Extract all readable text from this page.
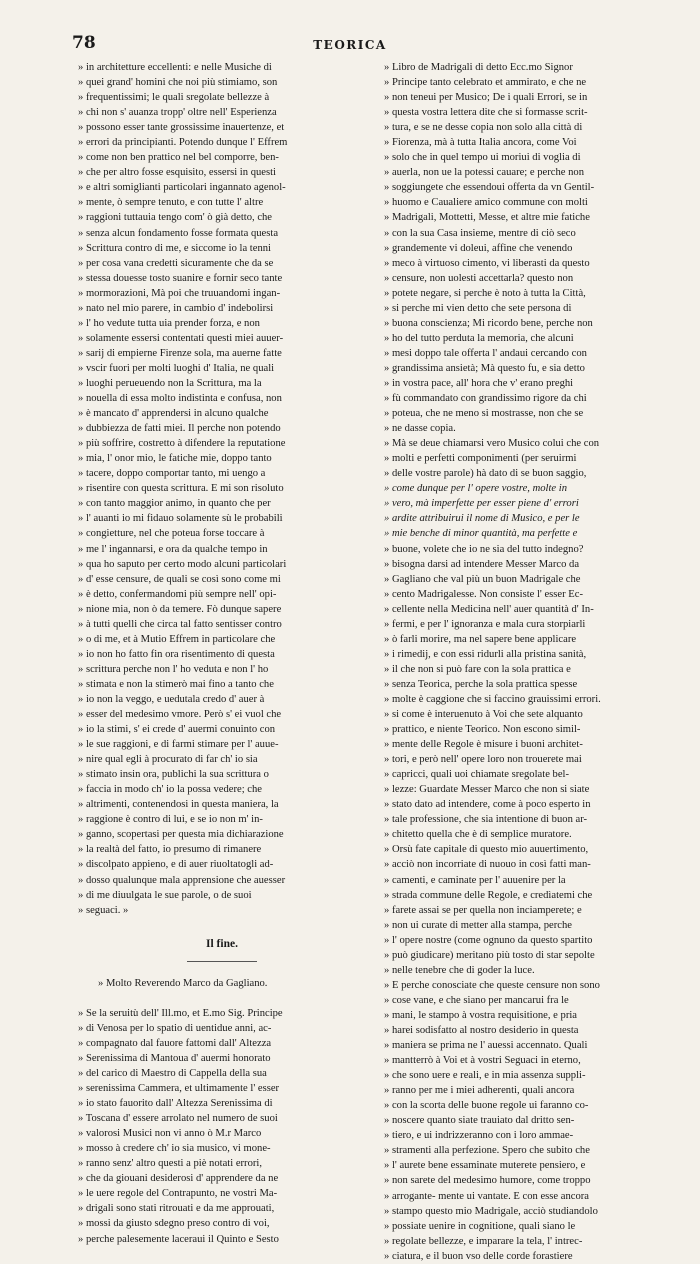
78	TEORICA
» in architetture eccellenti: e nelle Musiche di
» quei grand' homini che noi più stimiamo, son
» frequentissimi; le quali sregolate bellezze à
» chi non s' auanza tropp' oltre nell' Esperienza
» possono esser tante grossissime inauertenze, et
» errori da principianti. Potendo dunque l' Effrem
» come non ben prattico nel bel comporre, ben-
» che per altro fosse esquisito, essersi in questi
» e altri somiglianti particolari ingannato agenol-
» mente, ò sempre tenuto, e con tutte l' altre
» raggioni tuttauia tengo com' ò già detto, che
» senza alcun fondamento fosse formata questa
» Scrittura contro di me, e siccome io la tenni
» per cosa vana credetti sicuramente che da se
» stessa douesse tosto suanire e fornir seco tante
» mormorazioni, Mà poi che truuandomi ingan-
» nato nel mio parere, in cambio d' indebolirsi
» l' ho vedute tutta uia prender forza, e non
» solamente essersi contentati questi miei auuer-
» sarij di empierne Firenze sola, ma auerne fatte
» vscir fuori per molti luoghi d' Italia, ne quali
» luoghi perueuendo non la Scrittura, ma la
» nouella di essa molto indistinta e confusa, non
» è mancato d' apprendersi in alcuno qualche
» dubbiezza de fatti miei. Il perche non potendo
» più soffrire, costretto à difendere la reputatione
» mia, l' onor mio, le fatiche mie, doppo tanto
» tacere, doppo comportar tanto, mi uengo a
» risentire con questa scrittura. E mi son risoluto
» con tanto maggior animo, in quanto che per
» l' auanti io mi fidauo solamente sù le probabili
» congietture, nel che poteua forse toccare à
» me l' ingannarsi, e ora da qualche tempo in
» qua ho saputo per certo modo alcuni particolari
» d' esse censure, de quali se così sono come mi
» è detto, confermandomi più sempre nell' opi-
» nione mia, non ò da temere. Fò dunque sapere
» à tutti quelli che circa tal fatto sentisser contro
» o di me, et à Mutio Effrem in particolare che
» io non ho fatto fin ora risentimento di questa
» scrittura perche non l' ho veduta e non l' ho
» stimata e non la stimerò mai fino a tanto che
» io non la veggo, e uedutala credo d' auer à
» esser del medesimo vmore. Però s' ei vuol che
» io la stimi, s' ei crede d' auermi conuinto con
» le sue raggioni, e di farmi stimare per l' auue-
» nire qual egli à procurato di far ch' io sia
» stimato insin ora, publichi la sua scrittura o
» faccia in modo ch' io la possa vedere; che
» altrimenti, contenendosi in questa maniera, la
» raggione è contro di lui, e se io non m' in-
» ganno, scopertasi per questa mia dichiarazione
» la realtà del fatto, io presumo di rimanere
» discolpato appieno, e di auer riuoltatogli ad-
» dosso qualunque mala apprensione che auesser
» di me diuulgata le sue parole, o de suoi
» seguaci. »
Il fine.
» Molto Reverendo Marco da Gagliano.
» Se la seruitù dell' Ill.mo, et E.mo Sig. Principe
» di Venosa per lo spatio di uentidue anni, ac-
» compagnato dal fauore fattomi dall' Altezza
» Serenissima di Mantoua d' auermi honorato
» del carico di Maestro di Cappella della sua
» serenissima Cammera, et ultimamente l' esser
» io stato fauorito dall' Altezza Serenissima di
» Toscana d' essere arrolato nel numero de suoi
» valorosi Musici non vi anno ò M.r Marco
» mosso à credere ch' io sia musico, vi mone-
» ranno senz' altro questi a piè notati errori,
» che da giouani desiderosi d' apprendere da ne
» le uere regole del Contrapunto, ne vostri Ma-
» drigali sono stati ritrouati e da me approuati,
» mossi da giusto sdegno preso contro di voi,
» perche palesemente laceraui il Quinto e Sesto
» Libro de Madrigali di detto Ecc.mo Signor
» Principe tanto celebrato et ammirato, e che ne
» non teneui per Musico; De i quali Errori, se in
» questa vostra lettera dite che si formasse scrit-
» tura, e se ne desse copia non solo alla città di
» Fiorenza, mà à tutta Italia ancora, come Voi
» solo che in quel tempo ui moriui di voglia di
» auerla, non ue la potessi cauare; e perche non
» soggiungete che essendoui offerta da vn Gentil-
» huomo e Caualiere amico commune con molti
» Madrigali, Mottetti, Messe, et altre mie fatiche
» con la sua Casa insieme, mentre di ciò seco
» grandemente vi doleui, affine che venendo
» meco à virtuoso cimento, vi liberasti da questo
» censure, non uolesti accettarla? questo non
» potete negare, si perche è noto à tutta la Città,
» si perche mi vien detto che sete persona di
» buona conscienza; Mi ricordo bene, perche non
» ho del tutto perduta la memoria, che alcuni
» mesi doppo tale offerta l' andaui cercando con
» grandissima ansietà; Mà questo fu, e sia detto
» in vostra pace, all' hora che v' erano preghi
» fù commandato con grandissimo rigore da chi
» poteua, che ne meno si mostrasse, non che se
» ne dasse copia.
» Mà se deue chiamarsi vero Musico colui che con
» molti e perfetti componimenti (per seruirmi
» delle vostre parole) hà dato di se buon saggio,
» come dunque per l' opere vostre, molte in
» vero, mà imperfette per esser piene d' errori
» ardite attribuirui il nome di Musico, e per le
» mie benche di minor quantità, ma perfette e
» buone, volete che io ne sia del tutto indegno?
» bisogna darsi ad intendere Messer Marco da
» Gagliano che val più un buon Madrigale che
» cento Madrigalesse. Non consiste l' esser Ec-
» cellente nella Medicina nell' auer quantità d' In-
» fermi, e per l' ignoranza e mala cura storpiarli
» ò farli morire, ma nel sapere bene applicare
» i rimedij, e con essi ridurli alla pristina sanità,
» il che non si può fare con la sola prattica e
» senza Teorica, perche la sola prattica spesse
» molte è caggione che si faccino grauissimi errori.
» si come è interuenuto à Voi che sete alquanto
» prattico, e niente Teorico. Non escono simil-
» mente delle Regole è misure i buoni architet-
» tori, e però nell' opere loro non trouerete mai
» capricci, quali uoi chiamate sregolate bel-
» lezze: Guardate Messer Marco che non si siate
» stato dato ad intendere, come à poco esperto in
» tale professione, che sia intentione di buon ar-
» chitetto quella che è di semplice muratore.
» Orsù fate capitale di questo mio auuertimento,
» acciò non incorriate di nuouo in così fatti man-
» camenti, e caminate per l' auuenire per la
» strada commune delle Regole, e credìatemi che
» farete assai se per quella non inciamperete; e
» non ui curate di metter alla stampa, perche
» l' opere nostre (come ognuno da questo spartito
» può giudicare) meritano più tosto di star sepolte
» nelle tenebre che di goder la luce.
» E perche conosciate che queste censure non sono
» cose vane, e che siano per mancarui fra le
» mani, le stampo à vostra requisitione, e pria
» harei sodisfatto al nostro desiderio in questa
» maniera se prima ne l' auessi accennato. Quali
» mantterrò à Voi et à vostri Seguaci in eterno,
» che sono uere e reali, e in mia assenza suppli-
» ranno per me i miei adherenti, quali ancora
» con la scorta delle buone regole ui faranno co-
» noscere quanto siate trauiato dal dritto sen-
» tiero, e ui indrizzeranno con i loro ammae-
» stramenti alla perfezione. Spero che subito che
» l' aurete bene essaminate muterete pensiero, e
» non sarete del medesimo humore, come troppo
» arrogante- mente ui vantate. E con esse ancora
» stampo questo mio Madrigale, acciò studiandolo
» possiate uenire in cognitione, quali siano le
» regolate bellezze, e imparare la tela, l' intrec-
» ciatura, e il buon vso delle corde forastiere
